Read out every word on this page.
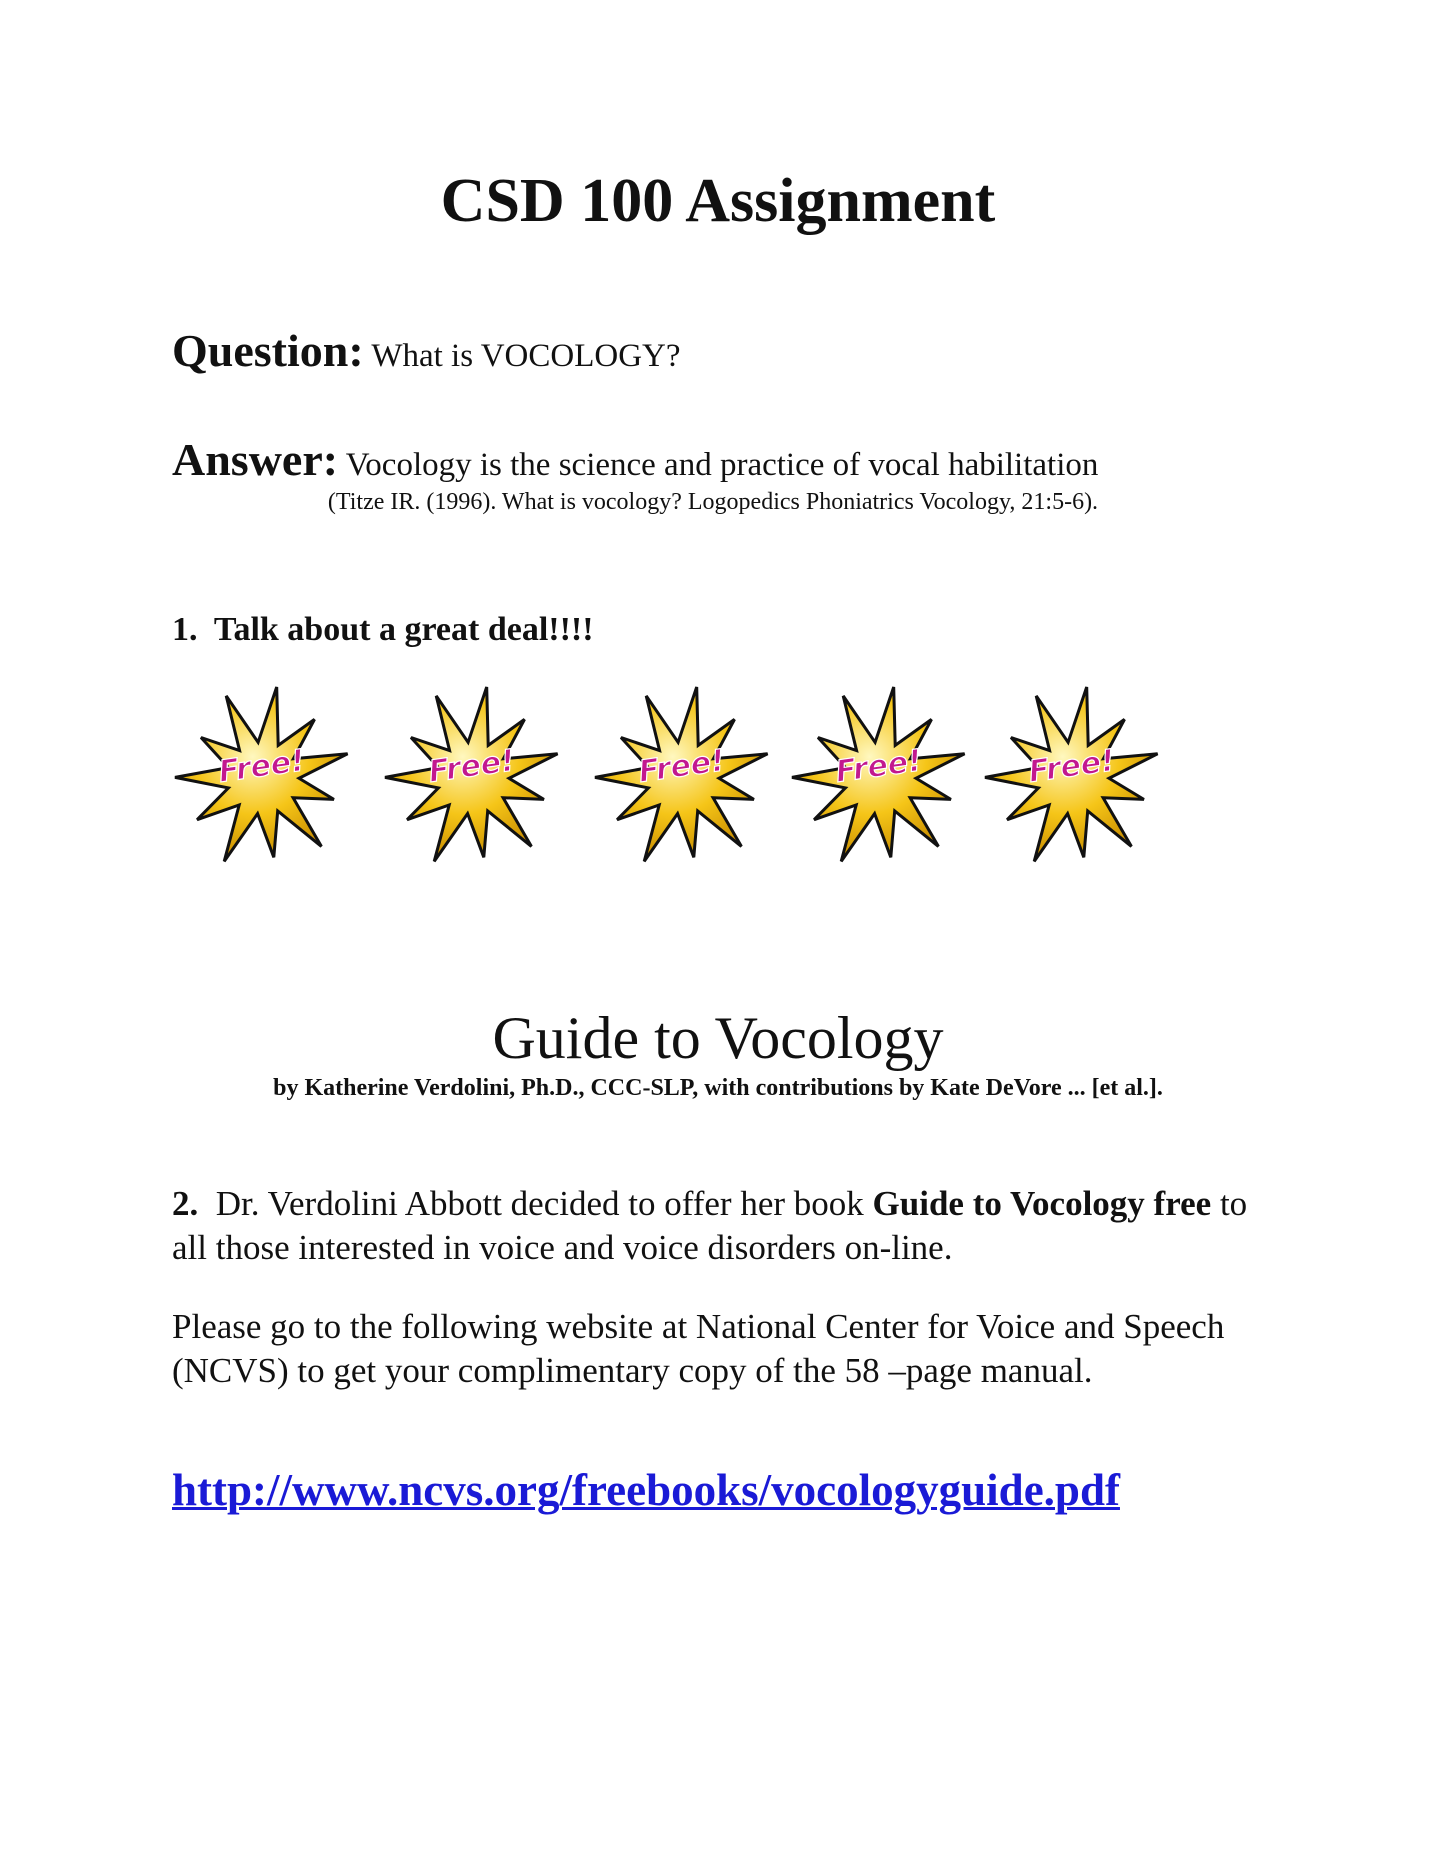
CSD 100 Assignment
Question: What is VOCOLOGY?
Answer: Vocology is the science and practice of vocal habilitation
(Titze IR. (1996). What is vocology? Logopedics Phoniatrics Vocology, 21:5-6).
1. Talk about a great deal!!!!
Free!	Free!	Free!	Free!	Free!
Guide to Vocology
by Katherine Verdolini, Ph.D., CCC-SLP, with contributions by Kate DeVore ... [et al.].
2. Dr. Verdolini Abbott decided to offer her book Guide to Vocology free to all those interested in voice and voice disorders on-line.
Please go to the following website at National Center for Voice and Speech (NCVS) to get your complimentary copy of the 58 –page manual.
http://www.ncvs.org/freebooks/vocologyguide.pdf
